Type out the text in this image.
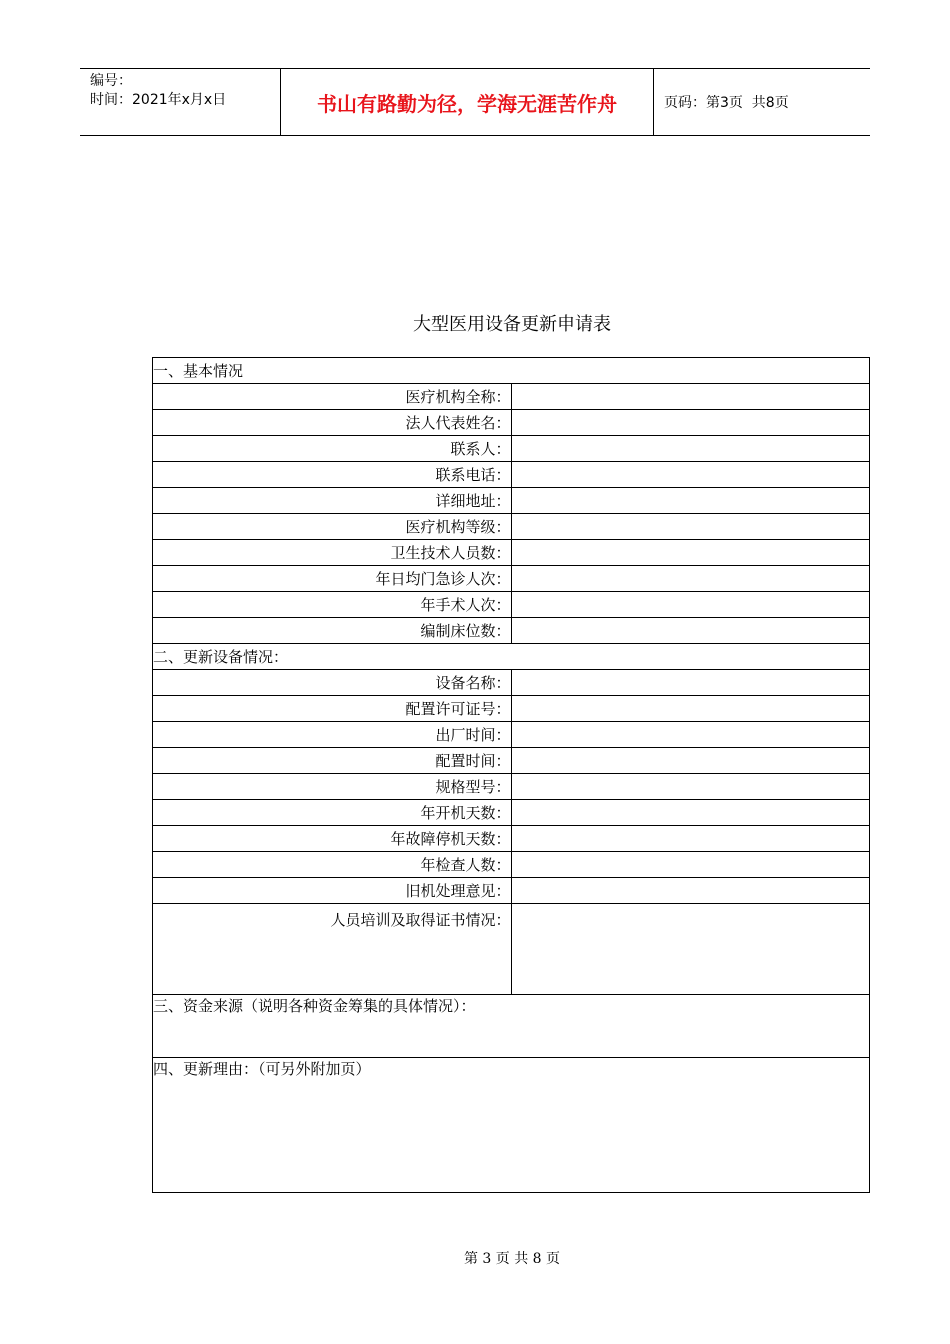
编号：
时间：2021年x月x日	书山有路勤为径，学海无涯苦作舟	页码：第3页  共8页
大型医用设备更新申请表
一、基本情况	
医疗机构全称：	
法人代表姓名：	
联系人：	
联系电话：	
详细地址：	
医疗机构等级：	
卫生技术人员数：	
年日均门急诊人次：	
年手术人次：	
编制床位数：	
二、更新设备情况：	
设备名称：	
配置许可证号：	
出厂时间：	
配置时间：	
规格型号：	
年开机天数：	
年故障停机天数：	
年检查人数：	
旧机处理意见：	
人员培训及取得证书情况：	
三、资金来源（说明各种资金筹集的具体情况）：	
四、更新理由：（可另外附加页）	
第 3 页 共 8 页
